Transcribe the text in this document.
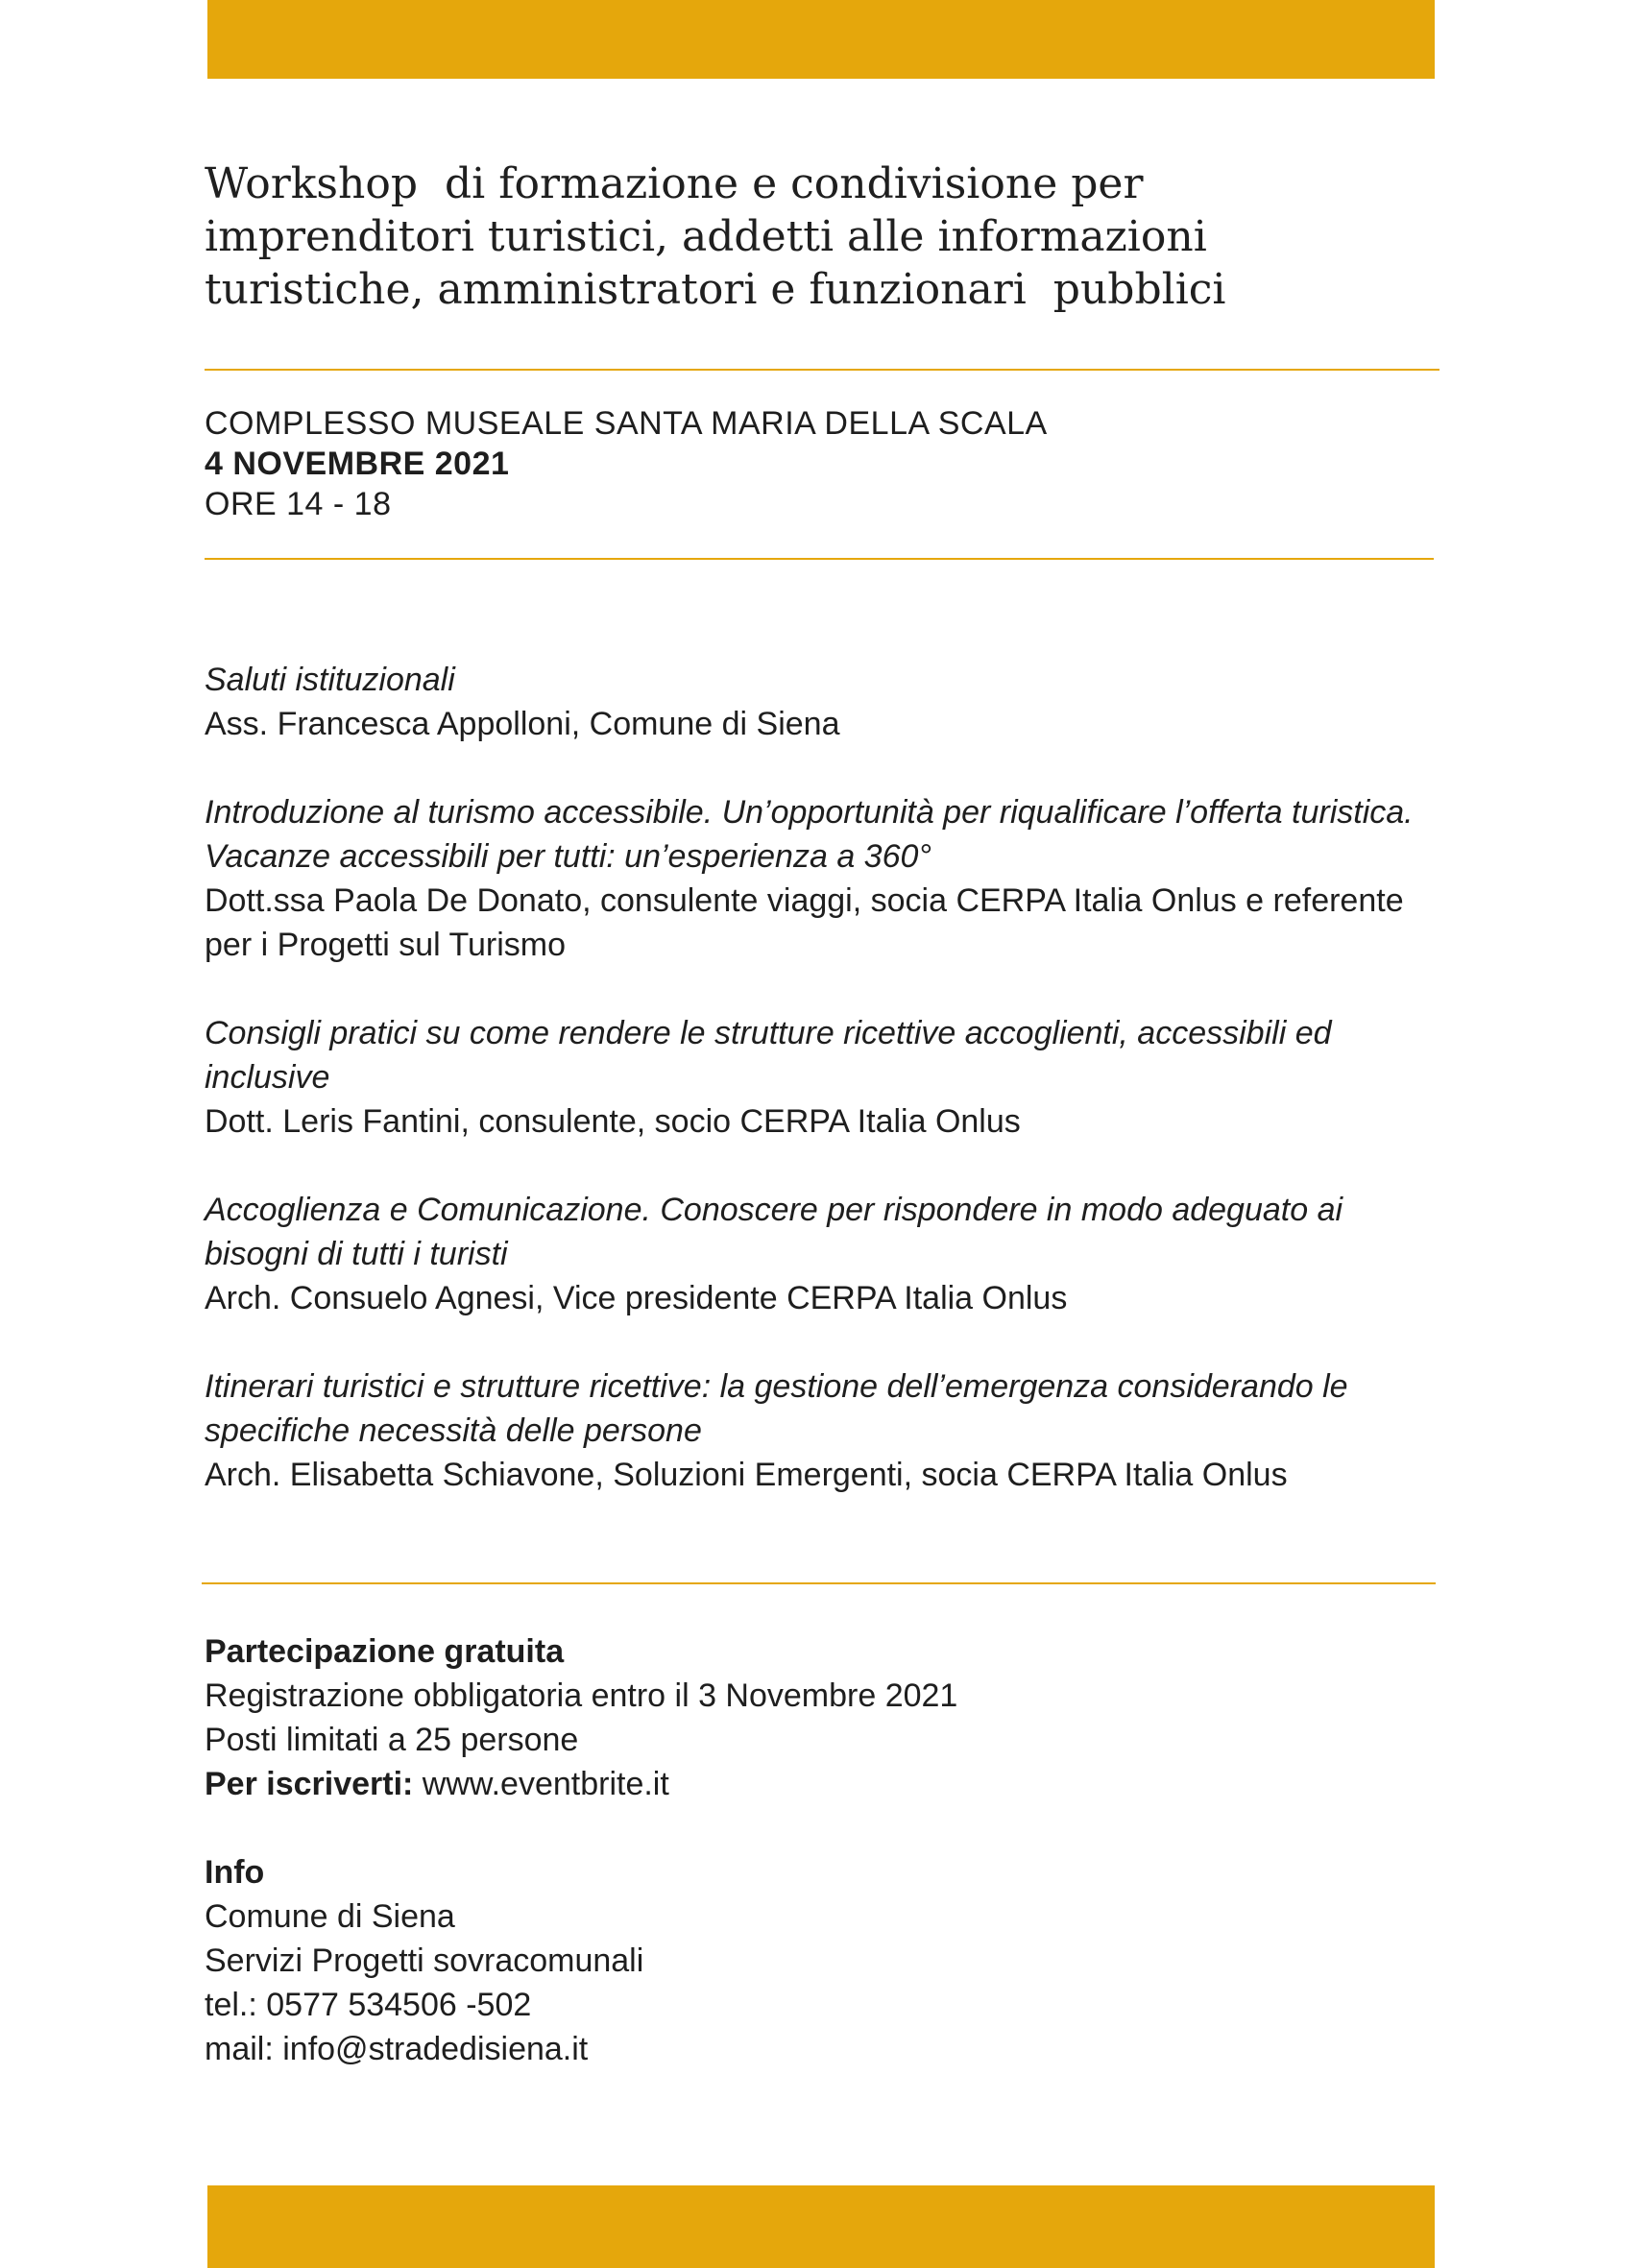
Workshop  di formazione e condivisione per
imprenditori turistici, addetti alle informazioni
turistiche, amministratori e funzionari  pubblici
COMPLESSO MUSEALE SANTA MARIA DELLA SCALA
4 NOVEMBRE 2021
ORE 14 - 18
Saluti istituzionali
Ass. Francesca Appolloni, Comune di Siena
Introduzione al turismo accessibile. Un’opportunità per riqualificare l’offerta turistica. Vacanze accessibili per tutti: un’esperienza a 360°
Dott.ssa Paola De Donato, consulente viaggi, socia CERPA Italia Onlus e referente per i Progetti sul Turismo
Consigli pratici su come rendere le strutture ricettive accoglienti, accessibili ed inclusive
Dott. Leris Fantini, consulente, socio CERPA Italia Onlus
Accoglienza e Comunicazione. Conoscere per rispondere in modo adeguato ai bisogni di tutti i turisti
Arch. Consuelo Agnesi, Vice presidente CERPA Italia Onlus
Itinerari turistici e strutture ricettive: la gestione dell’emergenza considerando le specifiche necessità delle persone
Arch. Elisabetta Schiavone, Soluzioni Emergenti, socia CERPA Italia Onlus
Partecipazione gratuita
Registrazione obbligatoria entro il 3 Novembre 2021
Posti limitati a 25 persone
Per iscriverti: www.eventbrite.it
Info
Comune di Siena
Servizi Progetti sovracomunali
tel.: 0577 534506 -502
mail: info@stradedisiena.it
